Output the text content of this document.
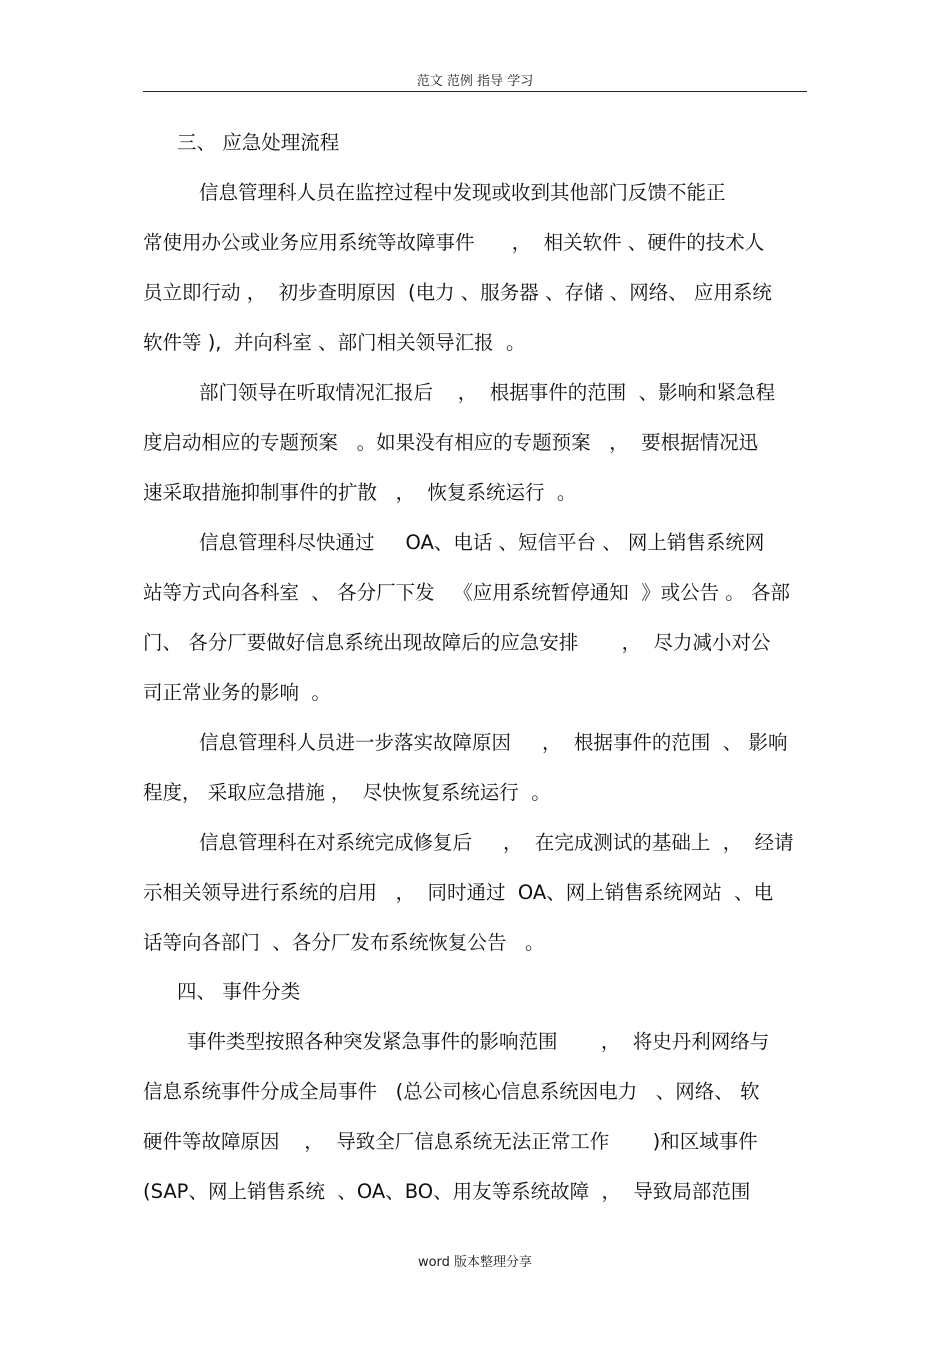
范文 范例 指导 学习
三、 应急处理流程
信息管理科人员在监控过程中发现或收到其他部门反馈不能正
常使用办公或业务应用系统等故障事件      ，  相关软件 、硬件的技术人
员立即行动 ，  初步查明原因  (电力 、服务器 、存储 、网络、 应用系统
软件等 ),  并向科室 、部门相关领导汇报  。
部门领导在听取情况汇报后    ，  根据事件的范围  、影响和紧急程
度启动相应的专题预案   。如果没有相应的专题预案   ，  要根据情况迅
速采取措施抑制事件的扩散   ，  恢复系统运行  。
信息管理科尽快通过     OA、电话 、短信平台 、 网上销售系统网
站等方式向各科室  、 各分厂下发   《应用系统暂停通知  》或公告 。 各部
门、 各分厂要做好信息系统出现故障后的应急安排       ，  尽力减小对公
司正常业务的影响  。
信息管理科人员进一步落实故障原因     ，  根据事件的范围  、 影响
程度， 采取应急措施 ，  尽快恢复系统运行  。
信息管理科在对系统完成修复后     ，  在完成测试的基础上  ，  经请
示相关领导进行系统的启用   ，  同时通过  OA、网上销售系统网站  、电
话等向各部门  、各分厂发布系统恢复公告   。
四、 事件分类
事件类型按照各种突发紧急事件的影响范围       ，  将史丹利网络与
信息系统事件分成全局事件   (总公司核心信息系统因电力   、网络、 软
硬件等故障原因    ，  导致全厂信息系统无法正常工作       )和区域事件
(SAP、网上销售系统  、OA、BO、用友等系统故障  ，  导致局部范围
word 版本整理分享
